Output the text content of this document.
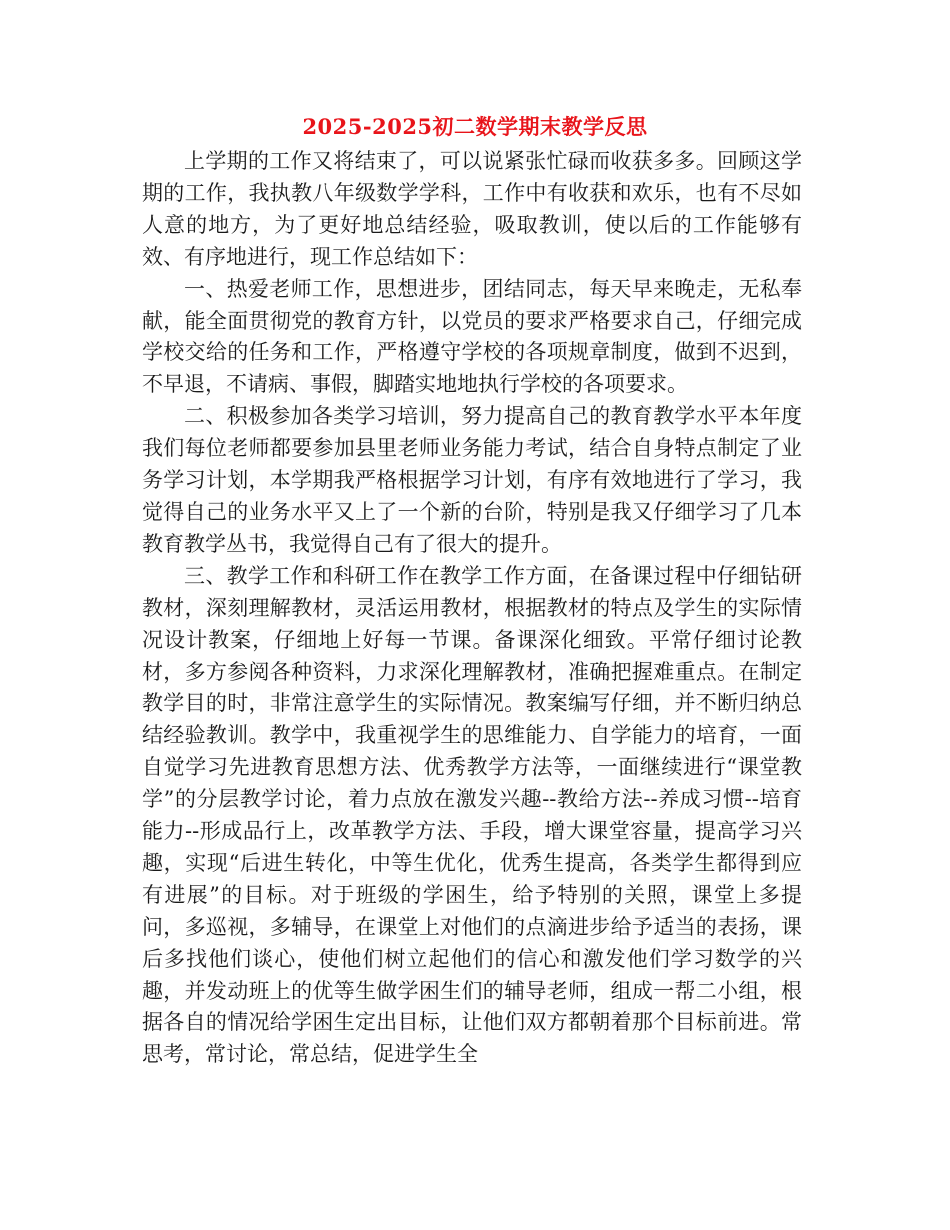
2025-2025初二数学期末教学反思

上学期的工作又将结束了，可以说紧张忙碌而收获多多。回顾这学期的工作，我执教八年级数学学科，工作中有收获和欢乐，也有不尽如人意的地方，为了更好地总结经验，吸取教训，使以后的工作能够有效、有序地进行，现工作总结如下：

一、热爱老师工作，思想进步，团结同志，每天早来晚走，无私奉献，能全面贯彻党的教育方针，以党员的要求严格要求自己，仔细完成学校交给的任务和工作，严格遵守学校的各项规章制度，做到不迟到，不早退，不请病、事假，脚踏实地地执行学校的各项要求。

二、积极参加各类学习培训，努力提高自己的教育教学水平本年度我们每位老师都要参加县里老师业务能力考试，结合自身特点制定了业务学习计划，本学期我严格根据学习计划，有序有效地进行了学习，我觉得自己的业务水平又上了一个新的台阶，特别是我又仔细学习了几本教育教学丛书，我觉得自己有了很大的提升。

三、教学工作和科研工作在教学工作方面，在备课过程中仔细钻研教材，深刻理解教材，灵活运用教材，根据教材的特点及学生的实际情况设计教案，仔细地上好每一节课。备课深化细致。平常仔细讨论教材，多方参阅各种资料，力求深化理解教材，准确把握难重点。在制定教学目的时，非常注意学生的实际情况。教案编写仔细，并不断归纳总结经验教训。教学中，我重视学生的思维能力、自学能力的培育，一面自觉学习先进教育思想方法、优秀教学方法等，一面继续进行“课堂教学”的分层教学讨论，着力点放在激发兴趣--教给方法--养成习惯--培育能力--形成品行上，改革教学方法、手段，增大课堂容量，提高学习兴趣，实现“后进生转化，中等生优化，优秀生提高，各类学生都得到应有进展”的目标。对于班级的学困生，给予特别的关照，课堂上多提问，多巡视，多辅导，在课堂上对他们的点滴进步给予适当的表扬，课后多找他们谈心，使他们树立起他们的信心和激发他们学习数学的兴趣，并发动班上的优等生做学困生们的辅导老师，组成一帮二小组，根据各自的情况给学困生定出目标，让他们双方都朝着那个目标前进。常思考，常讨论，常总结，促进学生全
